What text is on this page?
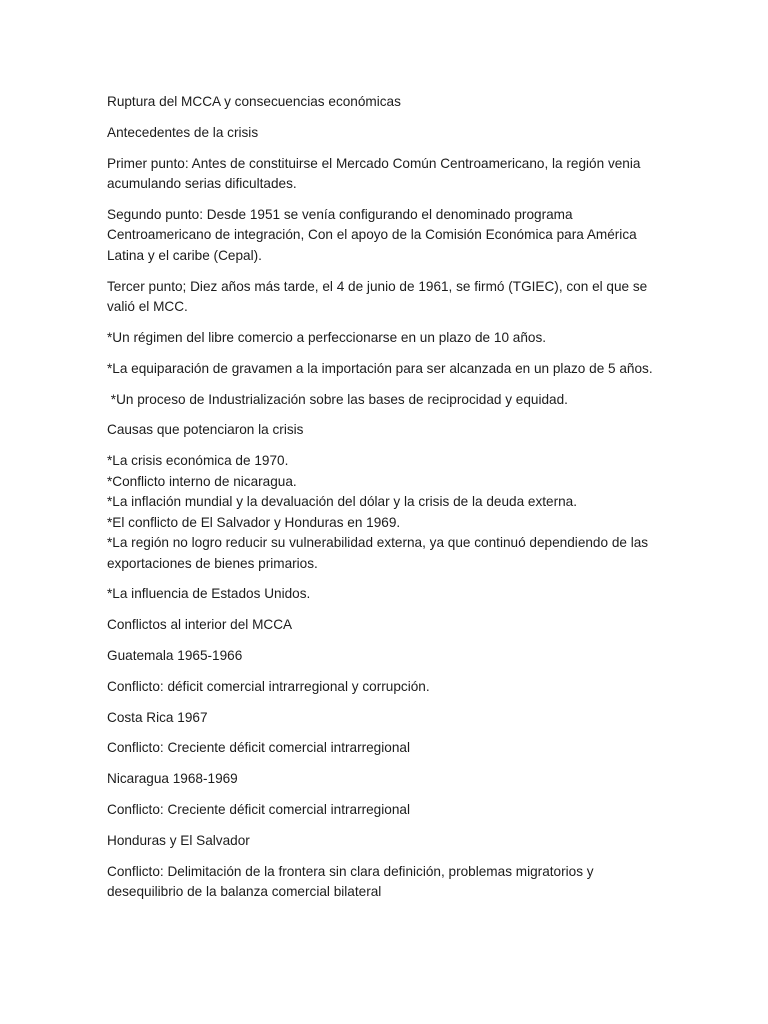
Ruptura del MCCA y consecuencias económicas

Antecedentes de la crisis

Primer punto: Antes de constituirse el Mercado Común Centroamericano, la región venia acumulando serias dificultades.

Segundo punto: Desde 1951 se venía configurando el denominado programa Centroamericano de integración, Con el apoyo de la Comisión Económica para América Latina y el caribe (Cepal).

Tercer punto; Diez años más tarde, el 4 de junio de 1961, se firmó (TGIEC), con el que se valió el MCC.

*Un régimen del libre comercio a perfeccionarse en un plazo de 10 años.

*La equiparación de gravamen a la importación para ser alcanzada en un plazo de 5 años.

*Un proceso de Industrialización sobre las bases de reciprocidad y equidad.

Causas que potenciaron la crisis

*La crisis económica de 1970.
*Conflicto interno de nicaragua.
*La inflación mundial y la devaluación del dólar y la crisis de la deuda externa.
*El conflicto de El Salvador y Honduras en 1969.
*La región no logro reducir su vulnerabilidad externa, ya que continuó dependiendo de las exportaciones de bienes primarios.

*La influencia de Estados Unidos.

Conflictos al interior del MCCA

Guatemala 1965-1966

Conflicto: déficit comercial intrarregional y corrupción.

Costa Rica 1967

Conflicto: Creciente déficit comercial intrarregional

Nicaragua 1968-1969

Conflicto: Creciente déficit comercial intrarregional

Honduras y El Salvador

Conflicto: Delimitación de la frontera sin clara definición, problemas migratorios y desequilibrio de la balanza comercial bilateral
